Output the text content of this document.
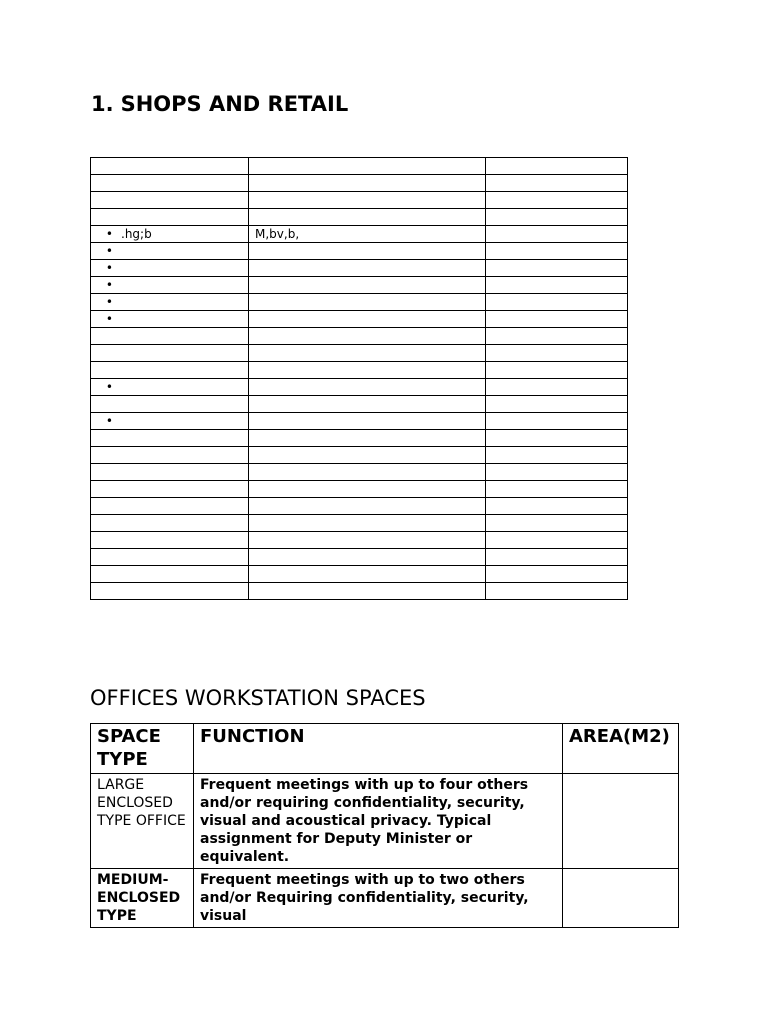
1. SHOPS AND RETAIL

• .hg;b	M,bv,b,	
•		
•		
•		
•		
•		

•		

•		

OFFICES WORKSTATION SPACES
SPACE TYPE	FUNCTION	AREA(M2)

LARGE ENCLOSED TYPE OFFICE	Frequent meetings with up to four others and/or requiring confidentiality, security, visual and acoustical privacy. Typical assignment for Deputy Minister or equivalent.	

MEDIUM-ENCLOSED TYPE	Frequent meetings with up to two others and/or Requiring confidentiality, security, visual	
